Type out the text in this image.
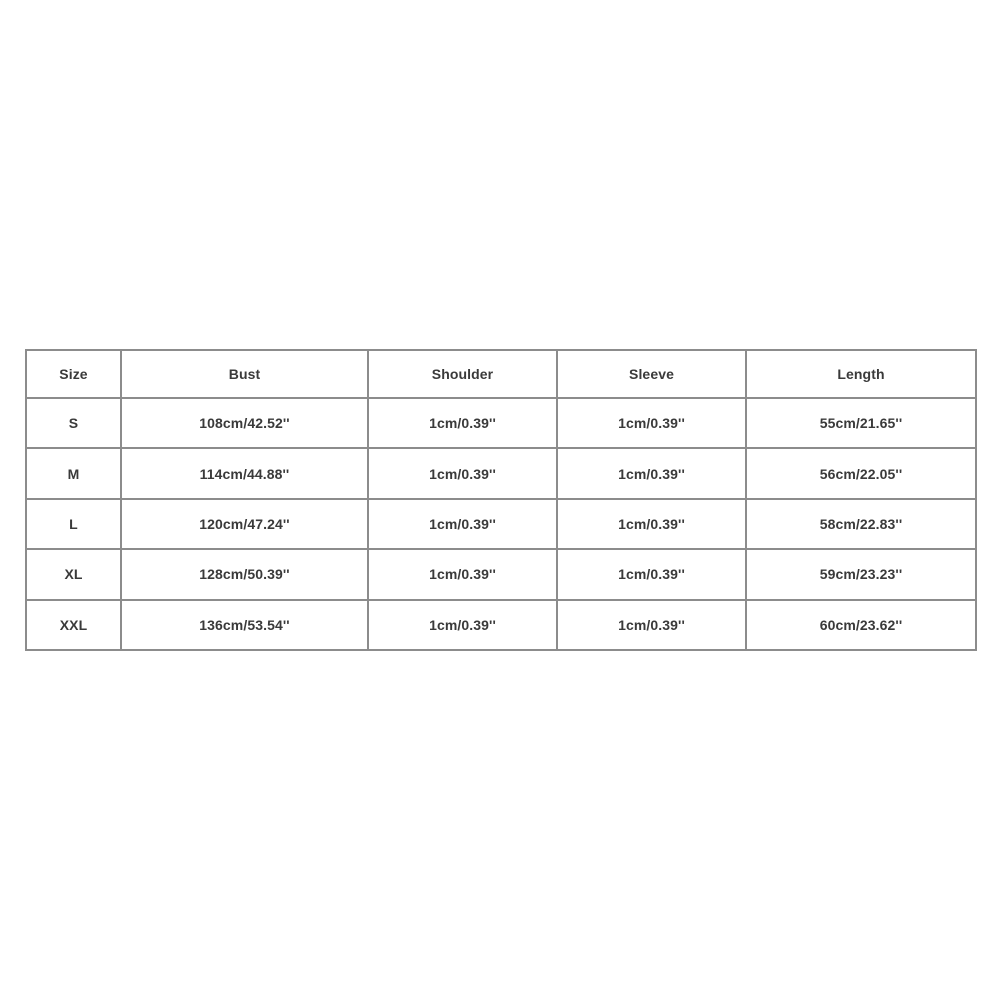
Size	Bust	Shoulder	Sleeve	Length
S	108cm/42.52''	1cm/0.39''	1cm/0.39''	55cm/21.65''
M	114cm/44.88''	1cm/0.39''	1cm/0.39''	56cm/22.05''
L	120cm/47.24''	1cm/0.39''	1cm/0.39''	58cm/22.83''
XL	128cm/50.39''	1cm/0.39''	1cm/0.39''	59cm/23.23''
XXL	136cm/53.54''	1cm/0.39''	1cm/0.39''	60cm/23.62''
